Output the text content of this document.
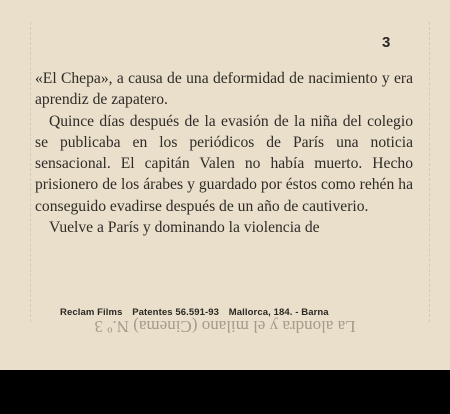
3

«El Chepa», a causa de una deformidad de nacimiento y era aprendiz de zapatero.

Quince días después de la evasión de la niña del colegio se publicaba en los periódicos de París una noticia sensacional. El capitán Valen no había muerto. Hecho prisionero de los árabes y guardado por éstos como rehén ha conseguido evadirse después de un año de cautiverio.

Vuelve a París y dominando la violencia de

Reclam Films Patentes 56.591-93 Mallorca, 184. - Barna
La alondra y el milano (Cinema) N.º 3
